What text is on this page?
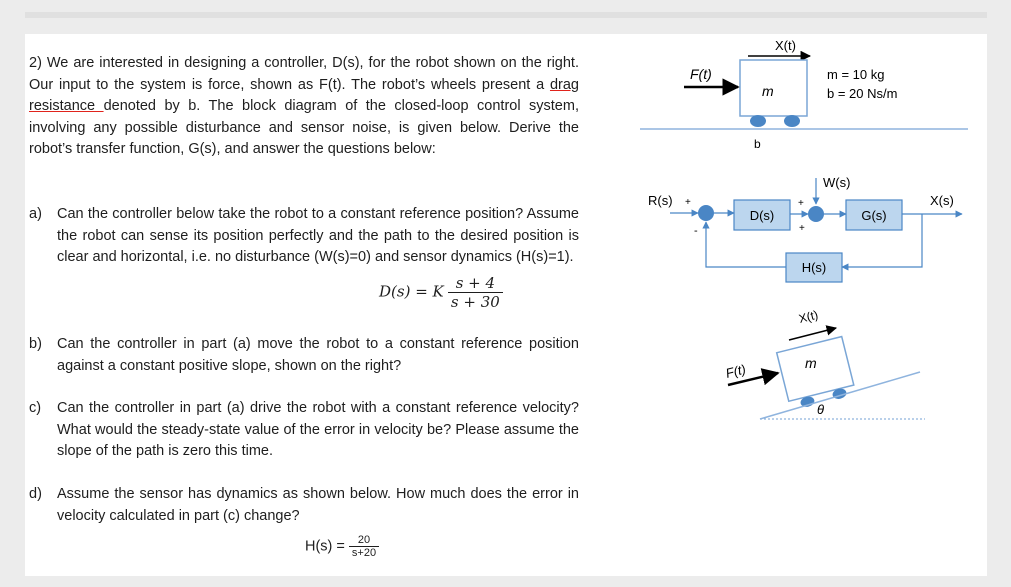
2) We are interested in designing a controller, D(s), for the robot shown on the right. Our input to the system is force, shown as F(t). The robot’s wheels present a drag resistance denoted by b. The block diagram of the closed-loop control system, involving any possible disturbance and sensor noise, is given below. Derive the robot’s transfer function, G(s), and answer the questions below:

a) Can the controller below take the robot to a constant reference position? Assume the robot can sense its position perfectly and the path to the desired position is clear and horizontal, i.e. no disturbance (W(s)=0) and sensor dynamics (H(s)=1).
D(s) = K $\frac{s + 4}{s + 30}$
b) Can the controller in part (a) move the robot to a constant reference position against a constant positive slope, shown on the right?
c) Can the controller in part (a) drive the robot with a constant reference velocity? What would the steady-state value of the error in velocity be? Please assume the slope of the path is zero this time.
d) Assume the sensor has dynamics as shown below. How much does the error in velocity calculated in part (c) change?
$H(s) = \frac{20}{s+20}$
X(t)
m
F(t)
b
m = 10 kg
b = 20 Ns/m
R(s) +
-
D(s)
+
+
W(s)
G(s)
X(s)
H(s)
X(t)
m
F(t)
θ
